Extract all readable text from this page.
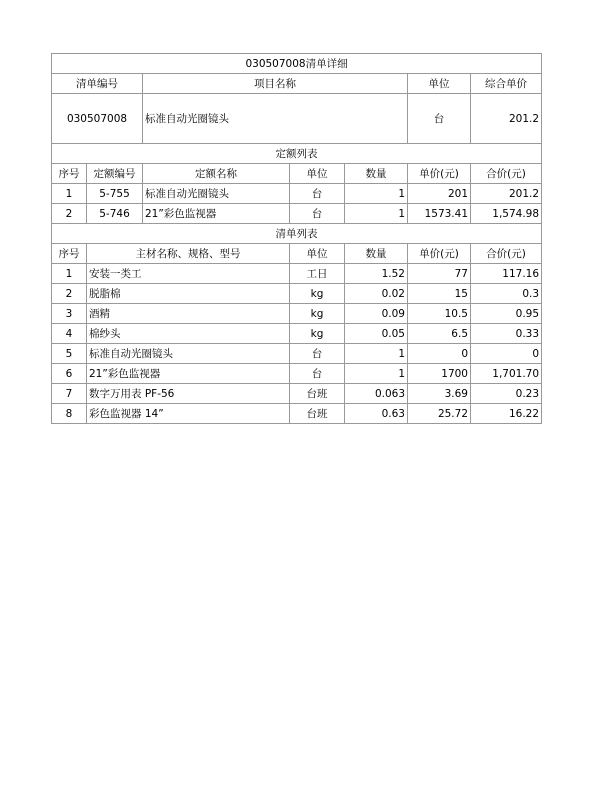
030507008清单详细						
清单编号		项目名称			单位	综合单价
030507008		标准自动光圈镜头			台	201.2
定额列表						
序号	定额编号	定额名称	单位	数量	单价(元)	合价(元)
1	5-755	标准自动光圈镜头	台	1	201	201.2
2	5-746	21”彩色监视器	台	1	1573.41	1,574.98
清单列表						
序号	主材名称、规格、型号		单位	数量	单价(元)	合价(元)
1	安装一类工		工日	1.52	77	117.16
2	脱脂棉		kg	0.02	15	0.3
3	酒精		kg	0.09	10.5	0.95
4	棉纱头		kg	0.05	6.5	0.33
5	标准自动光圈镜头		台	1	0	0
6	21”彩色监视器		台	1	1700	1,701.70
7	数字万用表 PF-56		台班	0.063	3.69	0.23
8	彩色监视器 14”		台班	0.63	25.72	16.22
